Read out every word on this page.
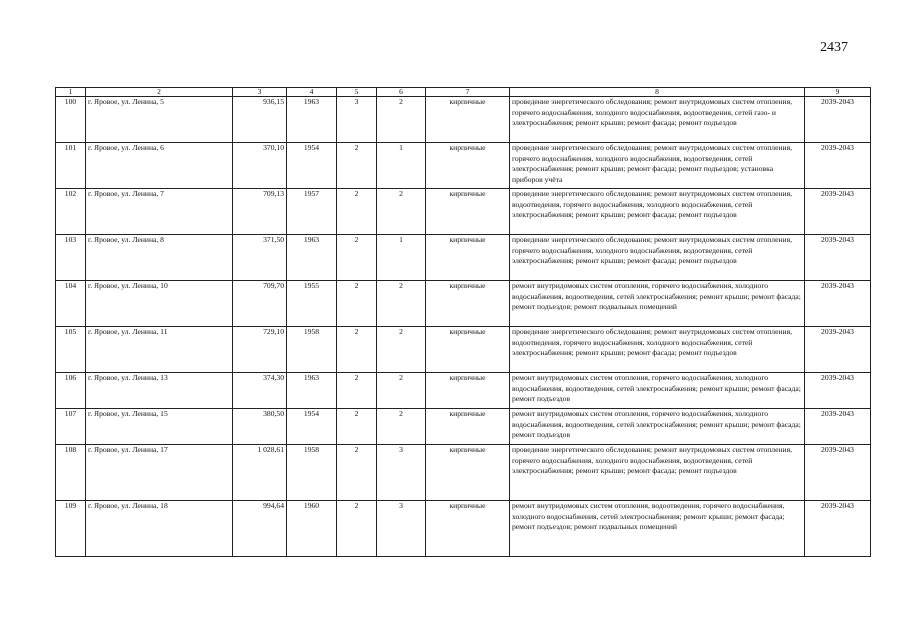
2437
1	2	3	4	5	6	7	8	9
100	г. Яровое, ул. Ленина, 5	936,15	1963	3	2	кирпичные	проведение энергетического обследования; ремонт внутридомовых систем отопления, горячего водоснабжения, холодного водоснабжения, водоотведения, сетей газо- и электроснабжения; ремонт крыши; ремонт фасада; ремонт подъездов	2039-2043
101	г. Яровое, ул. Ленина, 6	370,10	1954	2	1	кирпичные	проведение энергетического обследования; ремонт внутридомовых систем отопления, горячего водоснабжения, холодного водоснабжения, водоотведения, сетей электроснабжения; ремонт крыши; ремонт фасада; ремонт подъездов; установка приборов учёта	2039-2043
102	г. Яровое, ул. Ленина, 7	709,13	1957	2	2	кирпичные	проведение энергетического обследования; ремонт внутридомовых систем отопления, водоотведения, горячего водоснабжения, холодного водоснабжения, сетей электроснабжения; ремонт крыши; ремонт фасада; ремонт подъездов	2039-2043
103	г. Яровое, ул. Ленина, 8	371,50	1963	2	1	кирпичные	проведение энергетического обследования; ремонт внутридомовых систем отопления, горячего водоснабжения, холодного водоснабжения, водоотведения, сетей электроснабжения; ремонт крыши; ремонт фасада; ремонт подъездов	2039-2043
104	г. Яровое, ул. Ленина, 10	709,70	1955	2	2	кирпичные	ремонт внутридомовых систем отопления, горячего водоснабжения, холодного водоснабжения, водоотведения, сетей электроснабжения; ремонт крыши; ремонт фасада; ремонт подъездов; ремонт подвальных помещений	2039-2043
105	г. Яровое, ул. Ленина, 11	729,10	1958	2	2	кирпичные	проведение энергетического обследования; ремонт внутридомовых систем отопления, водоотведения, горячего водоснабжения, холодного водоснабжения, сетей электроснабжения; ремонт крыши; ремонт фасада; ремонт подъездов	2039-2043
106	г. Яровое, ул. Ленина, 13	374,30	1963	2	2	кирпичные	ремонт внутридомовых систем отопления, горячего водоснабжения, холодного водоснабжения, водоотведения, сетей электроснабжения; ремонт крыши; ремонт фасада; ремонт подъездов	2039-2043
107	г. Яровое, ул. Ленина, 15	380,50	1954	2	2	кирпичные	ремонт внутридомовых систем отопления, горячего водоснабжения, холодного водоснабжения, водоотведения, сетей электроснабжения; ремонт крыши; ремонт фасада; ремонт подъездов	2039-2043
108	г. Яровое, ул. Ленина, 17	1 028,61	1958	2	3	кирпичные	проведение энергетического обследования; ремонт внутридомовых систем отопления, горячего водоснабжения, холодного водоснабжения, водоотведения, сетей электроснабжения; ремонт крыши; ремонт фасада; ремонт подъездов	2039-2043
109	г. Яровое, ул. Ленина, 18	994,64	1960	2	3	кирпичные	ремонт внутридомовых систем отопления, водоотведения, горячего водоснабжения, холодного водоснабжения, сетей электроснабжения; ремонт крыши; ремонт фасада; ремонт подъездов; ремонт подвальных помещений	2039-2043
